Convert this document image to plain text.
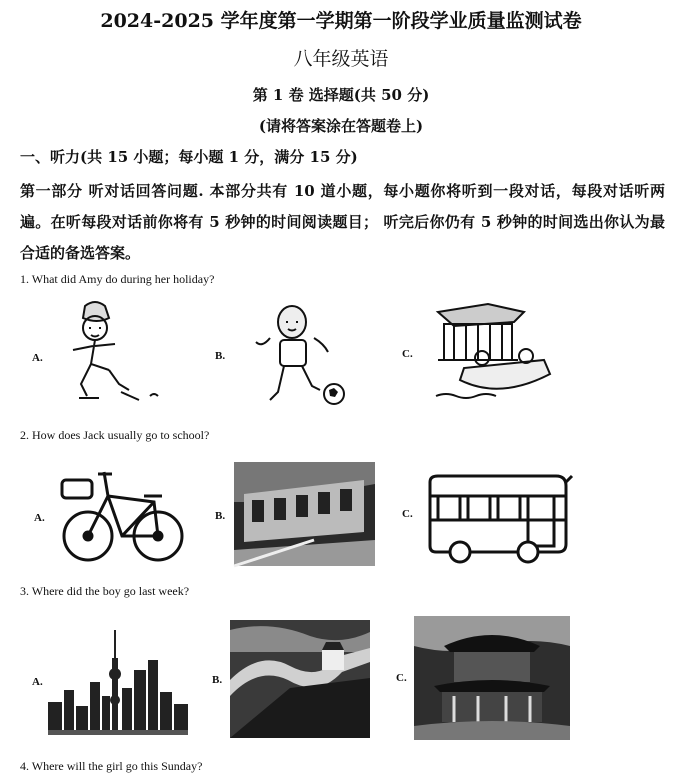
2024-2025 学年度第一学期第一阶段学业质量监测试卷
八年级英语
第 1 卷 选择题(共 50 分)
(请将答案涂在答题卷上)
一、听力(共 15 小题；每小题 1 分，满分 15 分)
第一部分 听对话回答问题. 本部分共有 10 道小题，每小题你将听到一段对话，每段对话听两遍。在听每段对话前你将有 5 秒钟的时间阅读题目； 听完后你仍有 5 秒钟的时间选出你认为最合适的备选答案。
1. What did Amy do during her holiday?
A.	B.	C.
2. How does Jack usually go to school?
A.	B.	C.
3. Where did the boy go last week?
A.	B.	C.
4. Where will the girl go this Sunday?
